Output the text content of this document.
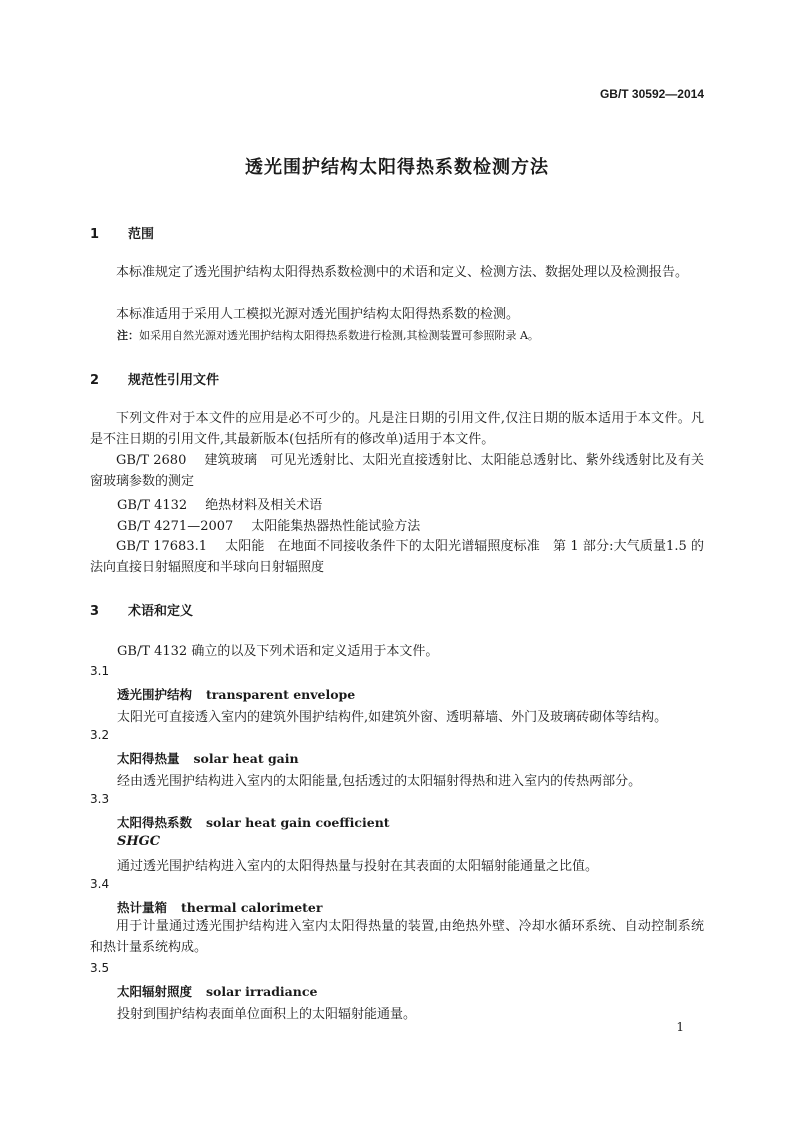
GB/T 30592—2014
透光围护结构太阳得热系数检测方法
1 范围
本标准规定了透光围护结构太阳得热系数检测中的术语和定义、检测方法、数据处理以及检测报告。
本标准适用于采用人工模拟光源对透光围护结构太阳得热系数的检测。
注：如采用自然光源对透光围护结构太阳得热系数进行检测,其检测装置可参照附录 A。
2 规范性引用文件
下列文件对于本文件的应用是必不可少的。凡是注日期的引用文件,仅注日期的版本适用于本文件。凡是不注日期的引用文件,其最新版本(包括所有的修改单)适用于本文件。
GB/T 2680 建筑玻璃　可见光透射比、太阳光直接透射比、太阳能总透射比、紫外线透射比及有关窗玻璃参数的测定
GB/T 4132 绝热材料及相关术语
GB/T 4271—2007 太阳能集热器热性能试验方法
GB/T 17683.1 太阳能　在地面不同接收条件下的太阳光谱辐照度标准　第 1 部分:大气质量1.5 的法向直接日射辐照度和半球向日射辐照度
3 术语和定义
GB/T 4132 确立的以及下列术语和定义适用于本文件。
3.1
透光围护结构 transparent envelope
太阳光可直接透入室内的建筑外围护结构件,如建筑外窗、透明幕墙、外门及玻璃砖砌体等结构。
3.2
太阳得热量 solar heat gain
经由透光围护结构进入室内的太阳能量,包括透过的太阳辐射得热和进入室内的传热两部分。
3.3
太阳得热系数 solar heat gain coefficient
SHGC
通过透光围护结构进入室内的太阳得热量与投射在其表面的太阳辐射能通量之比值。
3.4
热计量箱 thermal calorimeter
用于计量通过透光围护结构进入室内太阳得热量的装置,由绝热外壁、冷却水循环系统、自动控制系统和热计量系统构成。
3.5
太阳辐射照度 solar irradiance
投射到围护结构表面单位面积上的太阳辐射能通量。
1
